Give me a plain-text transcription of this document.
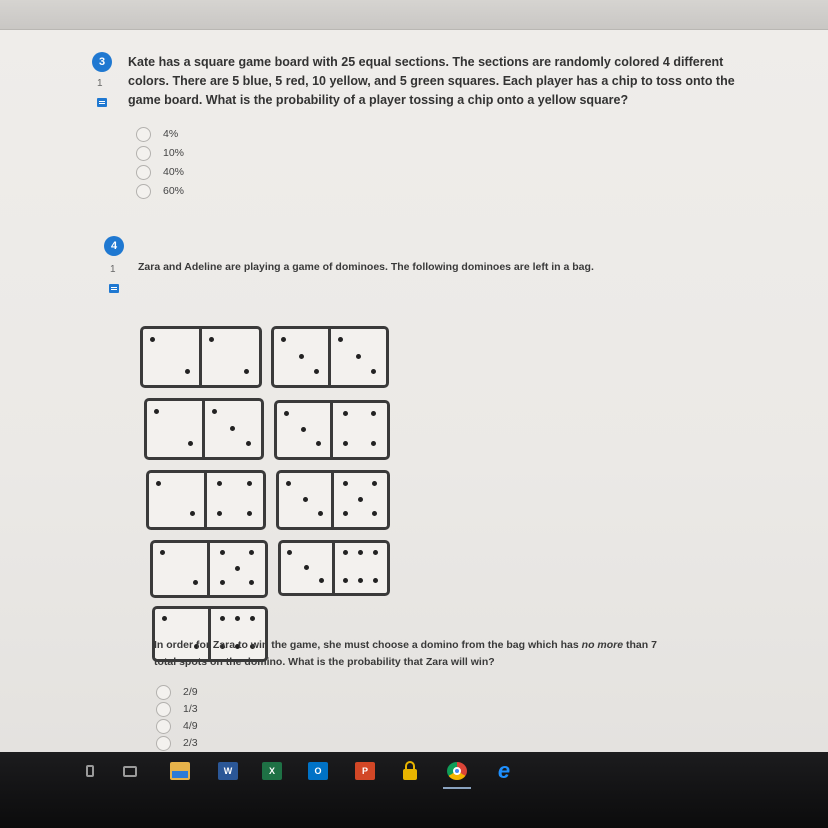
3
1
Kate has a square game board with 25 equal sections. The sections are randomly colored 4 different
colors. There are 5 blue, 5 red, 10 yellow, and 5 green squares. Each player has a chip to toss onto the
game board. What is the probability of a player tossing a chip onto a yellow square?
4%
10%
40%
60%
4
1 Zara and Adeline are playing a game of dominoes. The following dominoes are left in a bag.
In order for Zara to win the game, she must choose a domino from the bag which has no more than 7
total spots on the domino. What is the probability that Zara will win?
2/9
1/3
4/9
2/3
W	X	O	P	e
